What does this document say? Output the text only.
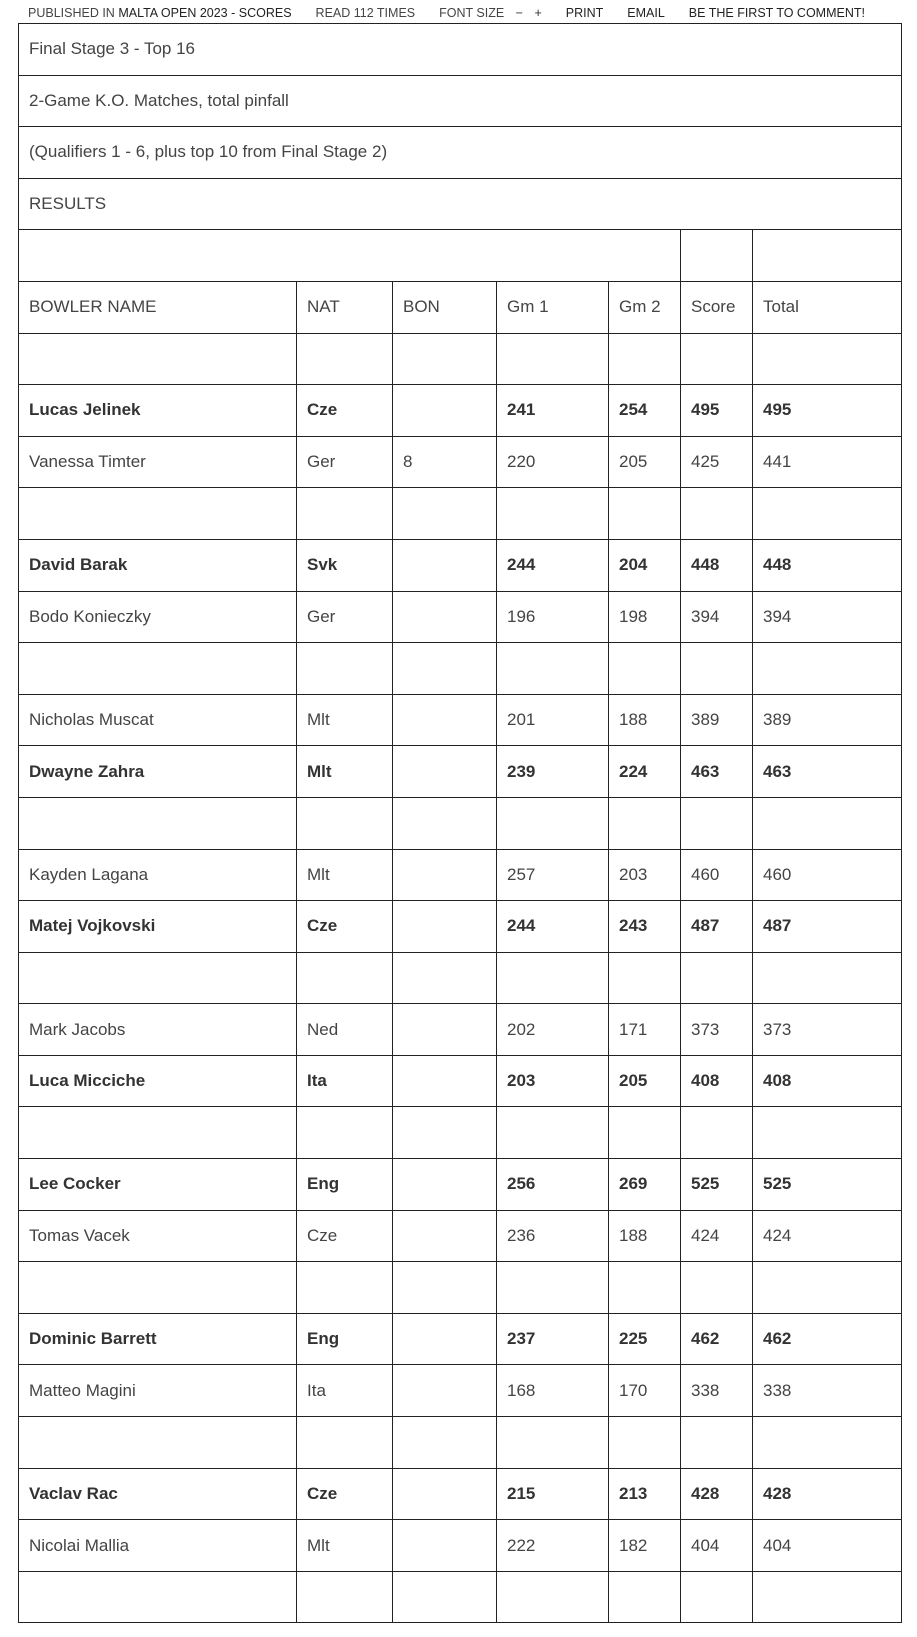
PUBLISHED IN MALTA OPEN 2023 - SCORES READ 112 TIMES FONT SIZE − + PRINT EMAIL BE THE FIRST TO COMMENT!
Final Stage 3 - Top 16						
2-Game K.O. Matches, total pinfall						
(Qualifiers 1 - 6, plus top 10 from Final Stage 2)						
RESULTS						

BOWLER NAME	NAT	BON	Gm 1	Gm 2	Score	Total

Lucas Jelinek	Cze		241	254	495	495
Vanessa Timter	Ger	8	220	205	425	441

David Barak	Svk		244	204	448	448
Bodo Konieczky	Ger		196	198	394	394

Nicholas Muscat	Mlt		201	188	389	389
Dwayne Zahra	Mlt		239	224	463	463

Kayden Lagana	Mlt		257	203	460	460
Matej Vojkovski	Cze		244	243	487	487

Mark Jacobs	Ned		202	171	373	373
Luca Micciche	Ita		203	205	408	408

Lee Cocker	Eng		256	269	525	525
Tomas Vacek	Cze		236	188	424	424

Dominic Barrett	Eng		237	225	462	462
Matteo Magini	Ita		168	170	338	338

Vaclav Rac	Cze		215	213	428	428
Nicolai Mallia	Mlt		222	182	404	404
